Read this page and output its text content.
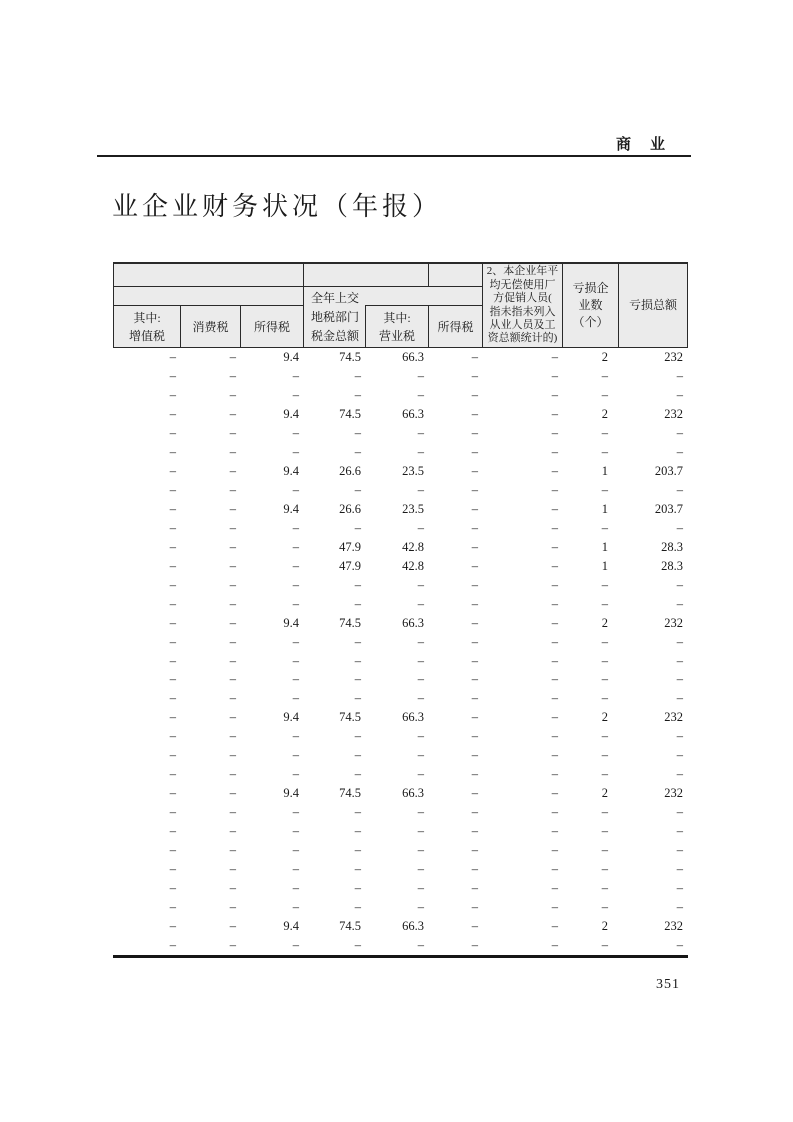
商　业
业企业财务状况（年报）
其中:
增值税
消费税 所得税
全年上交
地税部门
税金总额
其中:
营业税
所得税
2、本企业年平
均无偿使用厂
方促销人员(
指未指未列入
从业人员及工
资总额统计的)
亏损企
业数
（个）
亏损总额
–	–	9.4	74.5	66.3	–	–	2	232
–	–	–	–	–	–	–	–	–
–	–	–	–	–	–	–	–	–
–	–	9.4	74.5	66.3	–	–	2	232
–	–	–	–	–	–	–	–	–
–	–	–	–	–	–	–	–	–
–	–	9.4	26.6	23.5	–	–	1	203.7
–	–	–	–	–	–	–	–	–
–	–	9.4	26.6	23.5	–	–	1	203.7
–	–	–	–	–	–	–	–	–
–	–	–	47.9	42.8	–	–	1	28.3
–	–	–	47.9	42.8	–	–	1	28.3
–	–	–	–	–	–	–	–	–
–	–	–	–	–	–	–	–	–
–	–	9.4	74.5	66.3	–	–	2	232
–	–	–	–	–	–	–	–	–
–	–	–	–	–	–	–	–	–
–	–	–	–	–	–	–	–	–
–	–	–	–	–	–	–	–	–
–	–	9.4	74.5	66.3	–	–	2	232
–	–	–	–	–	–	–	–	–
–	–	–	–	–	–	–	–	–
–	–	–	–	–	–	–	–	–
–	–	9.4	74.5	66.3	–	–	2	232
–	–	–	–	–	–	–	–	–
–	–	–	–	–	–	–	–	–
–	–	–	–	–	–	–	–	–
–	–	–	–	–	–	–	–	–
–	–	–	–	–	–	–	–	–
–	–	–	–	–	–	–	–	–
–	–	9.4	74.5	66.3	–	–	2	232
–	–	–	–	–	–	–	–	–
351
